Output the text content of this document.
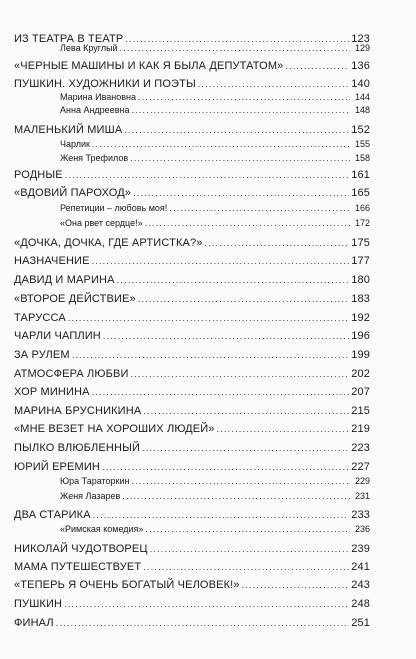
ИЗ ТЕАТРА В ТЕАТР .....	123
Лева Круглый .....	129
«ЧЕРНЫЕ МАШИНЫ И КАК Я БЫЛА ДЕПУТАТОМ» .....	136
ПУШКИН. ХУДОЖНИКИ И ПОЭТЫ .....	140
Марина Ивановна .....	144
Анна Андреевна .....	148
МАЛЕНЬКИЙ МИША .....	152
Чарлик .....	155
Женя Трефилов .....	158
РОДНЫЕ .....	161
«ВДОВИЙ ПАРОХОД» .....	165
Репетиции – любовь моя! .....	166
«Она рвет сердце!» .....	172
«ДОЧКА, ДОЧКА, ГДЕ АРТИСТКА?» .....	175
НАЗНАЧЕНИЕ .....	177
ДАВИД И МАРИНА .....	180
«ВТОРОЕ ДЕЙСТВИЕ» .....	183
ТАРУССА .....	192
ЧАРЛИ ЧАПЛИН .....	196
ЗА РУЛЕМ .....	199
АТМОСФЕРА ЛЮБВИ .....	202
ХОР МИНИНА .....	207
МАРИНА БРУСНИКИНА .....	215
«МНЕ ВЕЗЕТ НА ХОРОШИХ ЛЮДЕЙ» .....	219
ПЫЛКО ВЛЮБЛЕННЫЙ .....	223
ЮРИЙ ЕРЕМИН .....	227
Юра Тараторкин .....	229
Женя Лазарев .....	231
ДВА СТАРИКА .....	233
«Римская комедия» .....	236
НИКОЛАЙ ЧУДОТВОРЕЦ .....	239
МАМА ПУТЕШЕСТВУЕТ .....	241
«ТЕПЕРЬ Я ОЧЕНЬ БОГАТЫЙ ЧЕЛОВЕК!» .....	243
ПУШКИН .....	248
ФИНАЛ .....	251
